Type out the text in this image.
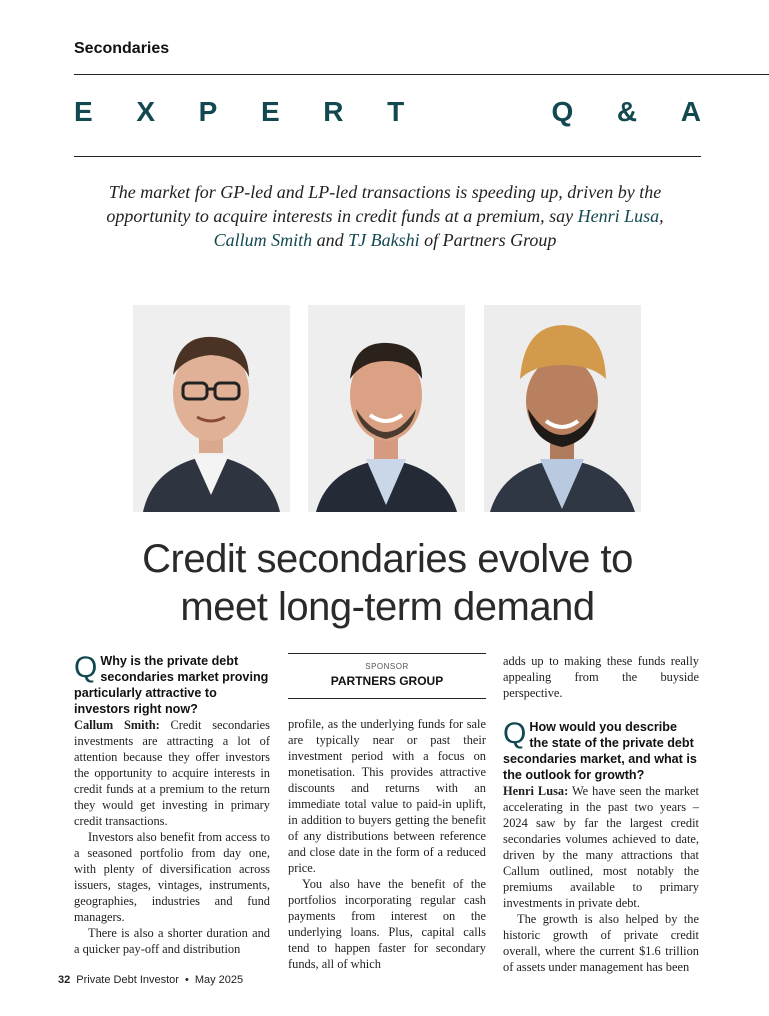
Secondaries
E X P E R T	Q & A
The market for GP-led and LP-led transactions is speeding up, driven by the opportunity to acquire interests in credit funds at a premium, say Henri Lusa, Callum Smith and TJ Bakshi of Partners Group
Credit secondaries evolve to
meet long-term demand

Q Why is the private debt secondaries market proving particularly attractive to investors right now?

Callum Smith: Credit secondaries investments are attracting a lot of attention because they offer investors the opportunity to acquire interests in credit funds at a premium to the return they would get investing in primary credit transactions.

Investors also benefit from access to a seasoned portfolio from day one, with plenty of diversification across issuers, stages, vintages, instruments, geographies, industries and fund managers.

There is also a shorter duration and a quicker pay-off and distribution

SPONSOR
PARTNERS GROUP

profile, as the underlying funds for sale are typically near or past their investment period with a focus on monetisation. This provides attractive discounts and returns with an immediate total value to paid-in uplift, in addition to buyers getting the benefit of any distributions between reference and close date in the form of a reduced price.

You also have the benefit of the portfolios incorporating regular cash payments from interest on the underlying loans. Plus, capital calls tend to happen faster for secondary funds, all of which

adds up to making these funds really appealing from the buyside perspective.

Q How would you describe the state of the private debt secondaries market, and what is the outlook for growth?

Henri Lusa: We have seen the market accelerating in the past two years – 2024 saw by far the largest credit secondaries volumes achieved to date, driven by the many attractions that Callum outlined, most notably the premiums available to primary investments in private debt.

The growth is also helped by the historic growth of private credit overall, where the current $1.6 trillion of assets under management has been

32 Private Debt Investor • May 2025
